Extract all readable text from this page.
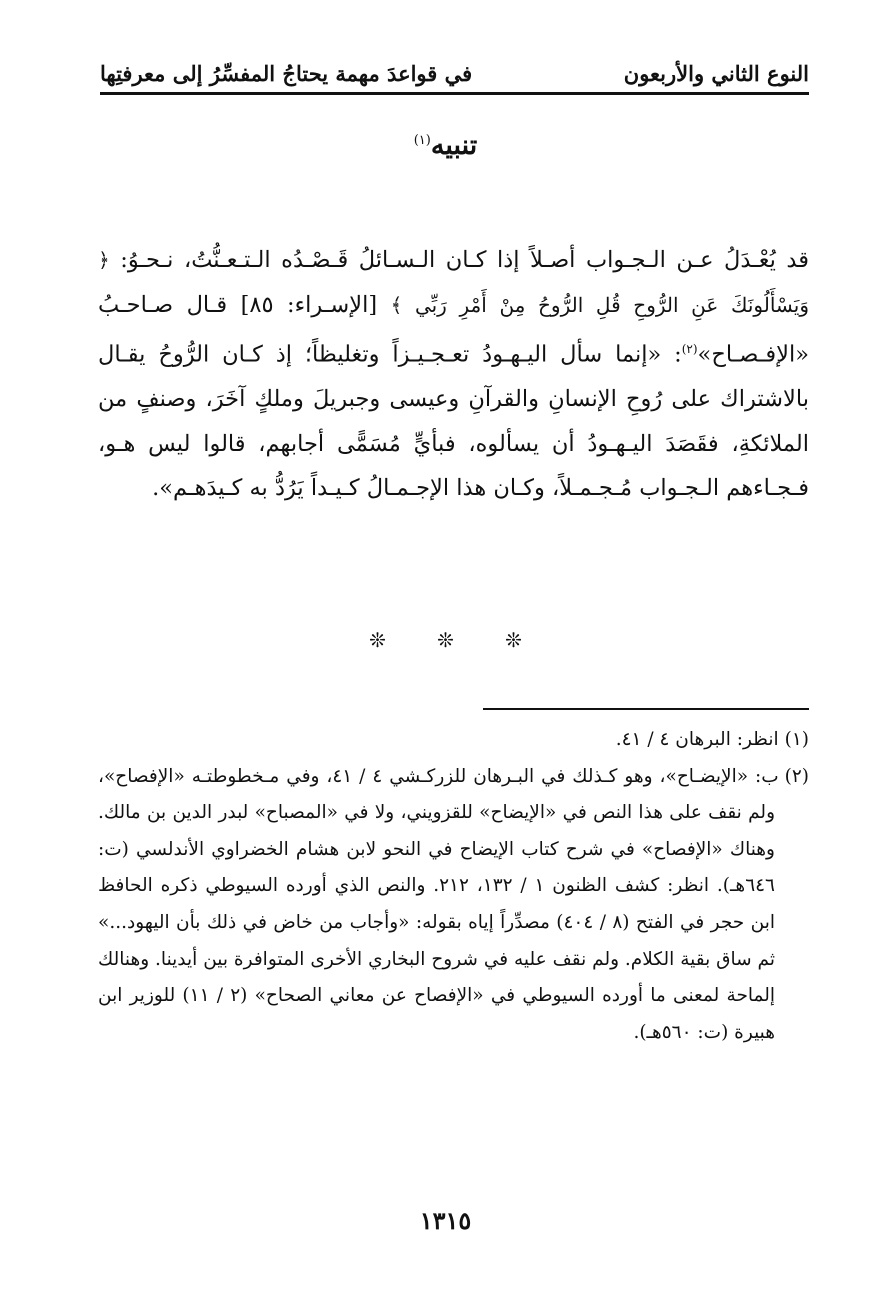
النوع الثاني والأربعون
في قواعدَ مهمة يحتاجُ المفسِّرُ إلى معرفتِها
تنبيه$^{(١)}$
قد يُعْـدَلُ عـن الـجـواب أصـلاً إذا كـان الـسـائلُ قَـصْـدُه الـتـعـنُّتُ، نـحـوُ: ﴿ وَيَسْأَلُونَكَ عَنِ الرُّوحِ قُلِ الرُّوحُ مِنْ أَمْرِ رَبِّي ﴾ [الإسـراء: ٨٥] قـال صـاحـبُ «الإفـصـاح»$^{(٢)}$: «إنما سأل اليـهـودُ تعـجـيـزاً وتغليظاً؛ إذ كـان الرُّوحُ يقـال بالاشتراك على رُوحِ الإنسانِ والقرآنِ وعيسى وجبريلَ وملكٍ آخَرَ، وصنفٍ من الملائكةِ، فقَصَدَ اليـهـودُ أن يسألوه، فبأيٍّ مُسَمًّى أجابهم، قالوا ليس هـو، فـجـاءهم الـجـواب مُـجـمـلاً، وكـان هذا الإجـمـالُ كـيـداً يَرُدُّ به كـيدَهـم».
❊	❊	❊

(١)انظر: البرهان ٤ / ٤١.

(٢)ب: «الإيضـاح»، وهو كـذلك في البـرهان للزركـشي ٤ / ٤١، وفي مـخطوطتـه «الإفصاح»، ولم نقف على هذا النص في «الإيضاح» للقزويني، ولا في «المصباح» لبدر الدين بن مالك. وهناك «الإفصاح» في شرح كتاب الإيضاح في النحو لابن هشام الخضراوي الأندلسي (ت: ٦٤٦هـ). انظر: كشف الظنون ١ / ١٣٢، ٢١٢. والنص الذي أورده السيوطي ذكره الحافظ ابن حجر في الفتح (٨ / ٤٠٤) مصدِّراً إياه بقوله: «وأجاب من خاض في ذلك بأن اليهود...» ثم ساق بقية الكلام. ولم نقف عليه في شروح البخاري الأخرى المتوافرة بين أيدينا. وهنالك إلماحة لمعنى ما أورده السيوطي في «الإفصاح عن معاني الصحاح» (٢ / ١١) للوزير ابن هبيرة (ت: ٥٦٠هـ).

١٣١٥
